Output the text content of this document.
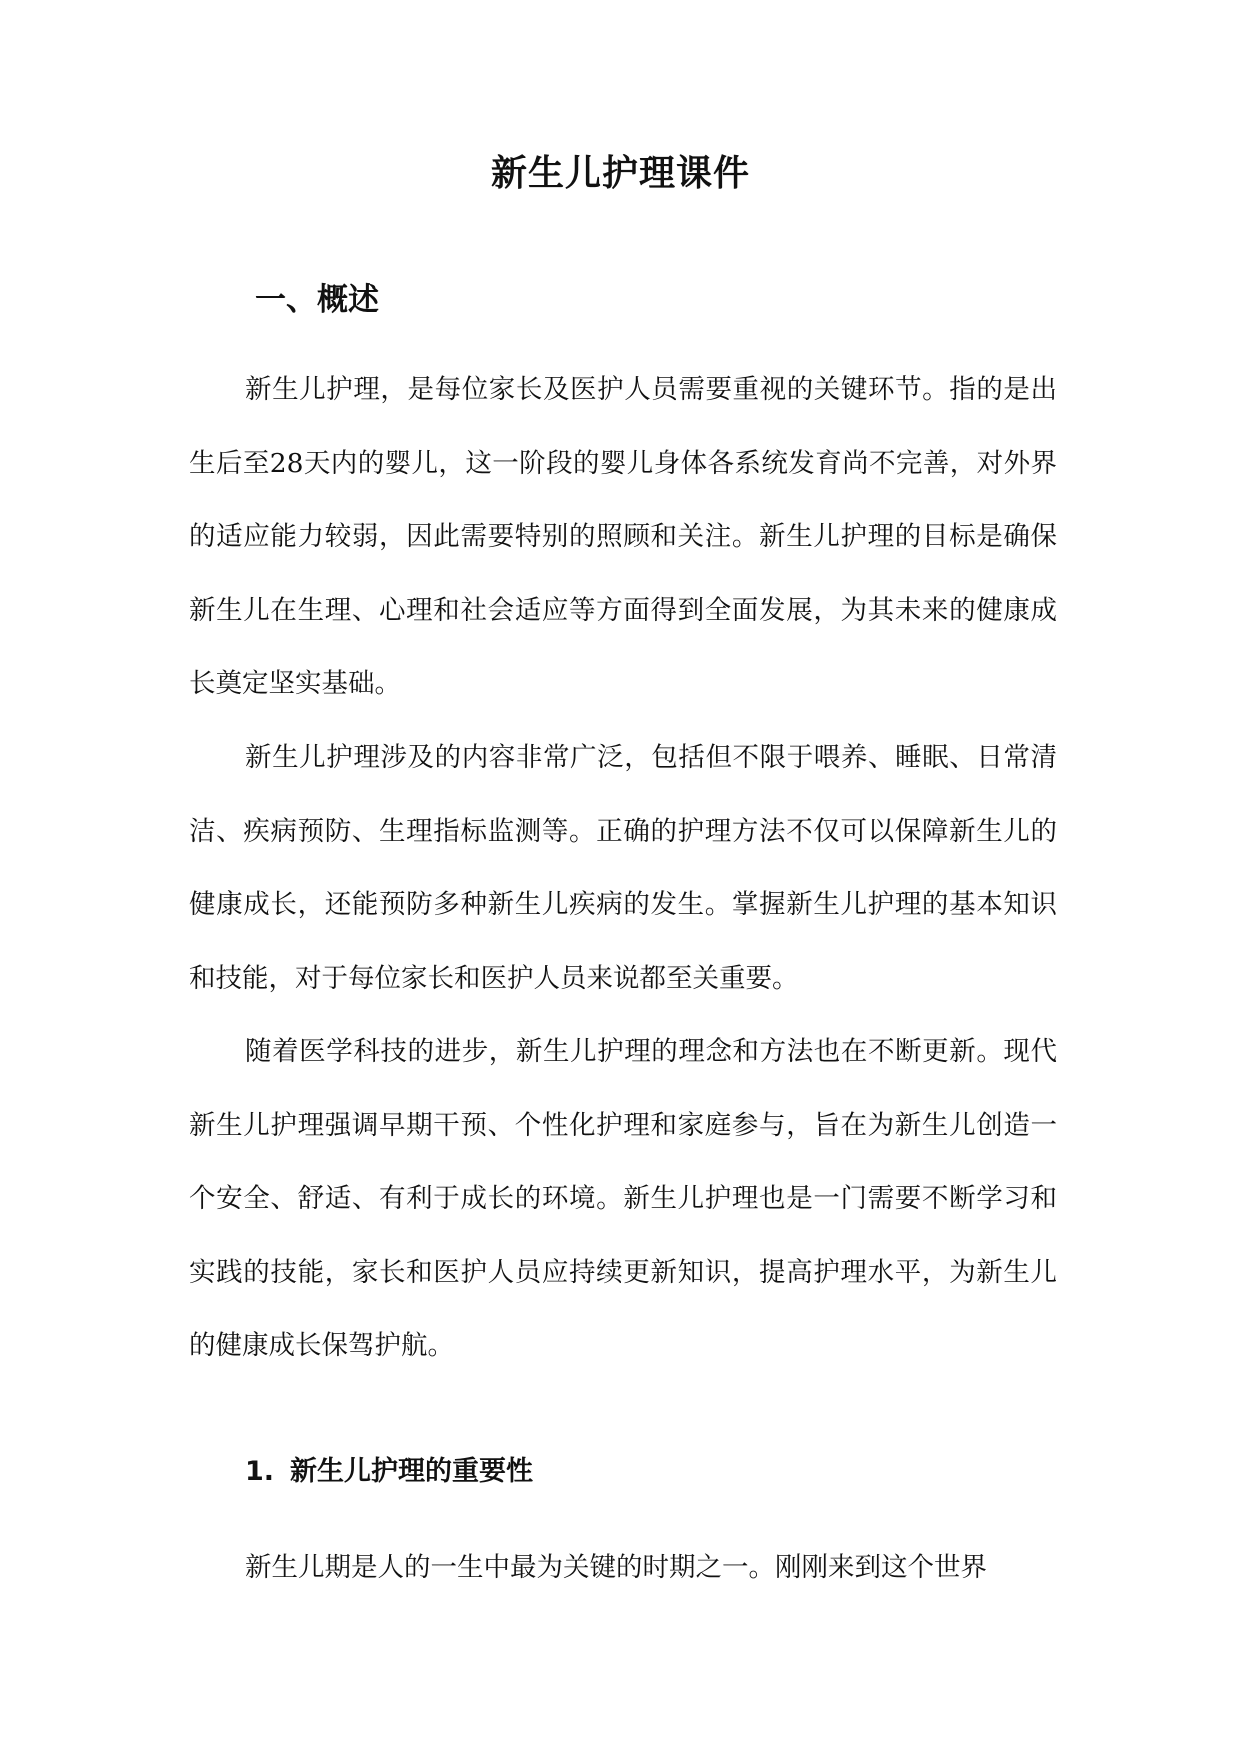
新生儿护理课件
一、概述

新生儿护理，是每位家长及医护人员需要重视的关键环节。指的是出生后至28天内的婴儿，这一阶段的婴儿身体各系统发育尚不完善，对外界的适应能力较弱，因此需要特别的照顾和关注。新生儿护理的目标是确保新生儿在生理、心理和社会适应等方面得到全面发展，为其未来的健康成长奠定坚实基础。

新生儿护理涉及的内容非常广泛，包括但不限于喂养、睡眠、日常清洁、疾病预防、生理指标监测等。正确的护理方法不仅可以保障新生儿的健康成长，还能预防多种新生儿疾病的发生。掌握新生儿护理的基本知识和技能，对于每位家长和医护人员来说都至关重要。

随着医学科技的进步，新生儿护理的理念和方法也在不断更新。现代新生儿护理强调早期干预、个性化护理和家庭参与，旨在为新生儿创造一个安全、舒适、有利于成长的环境。新生儿护理也是一门需要不断学习和实践的技能，家长和医护人员应持续更新知识，提高护理水平，为新生儿的健康成长保驾护航。

1. 新生儿护理的重要性

新生儿期是人的一生中最为关键的时期之一。刚刚来到这个世界
